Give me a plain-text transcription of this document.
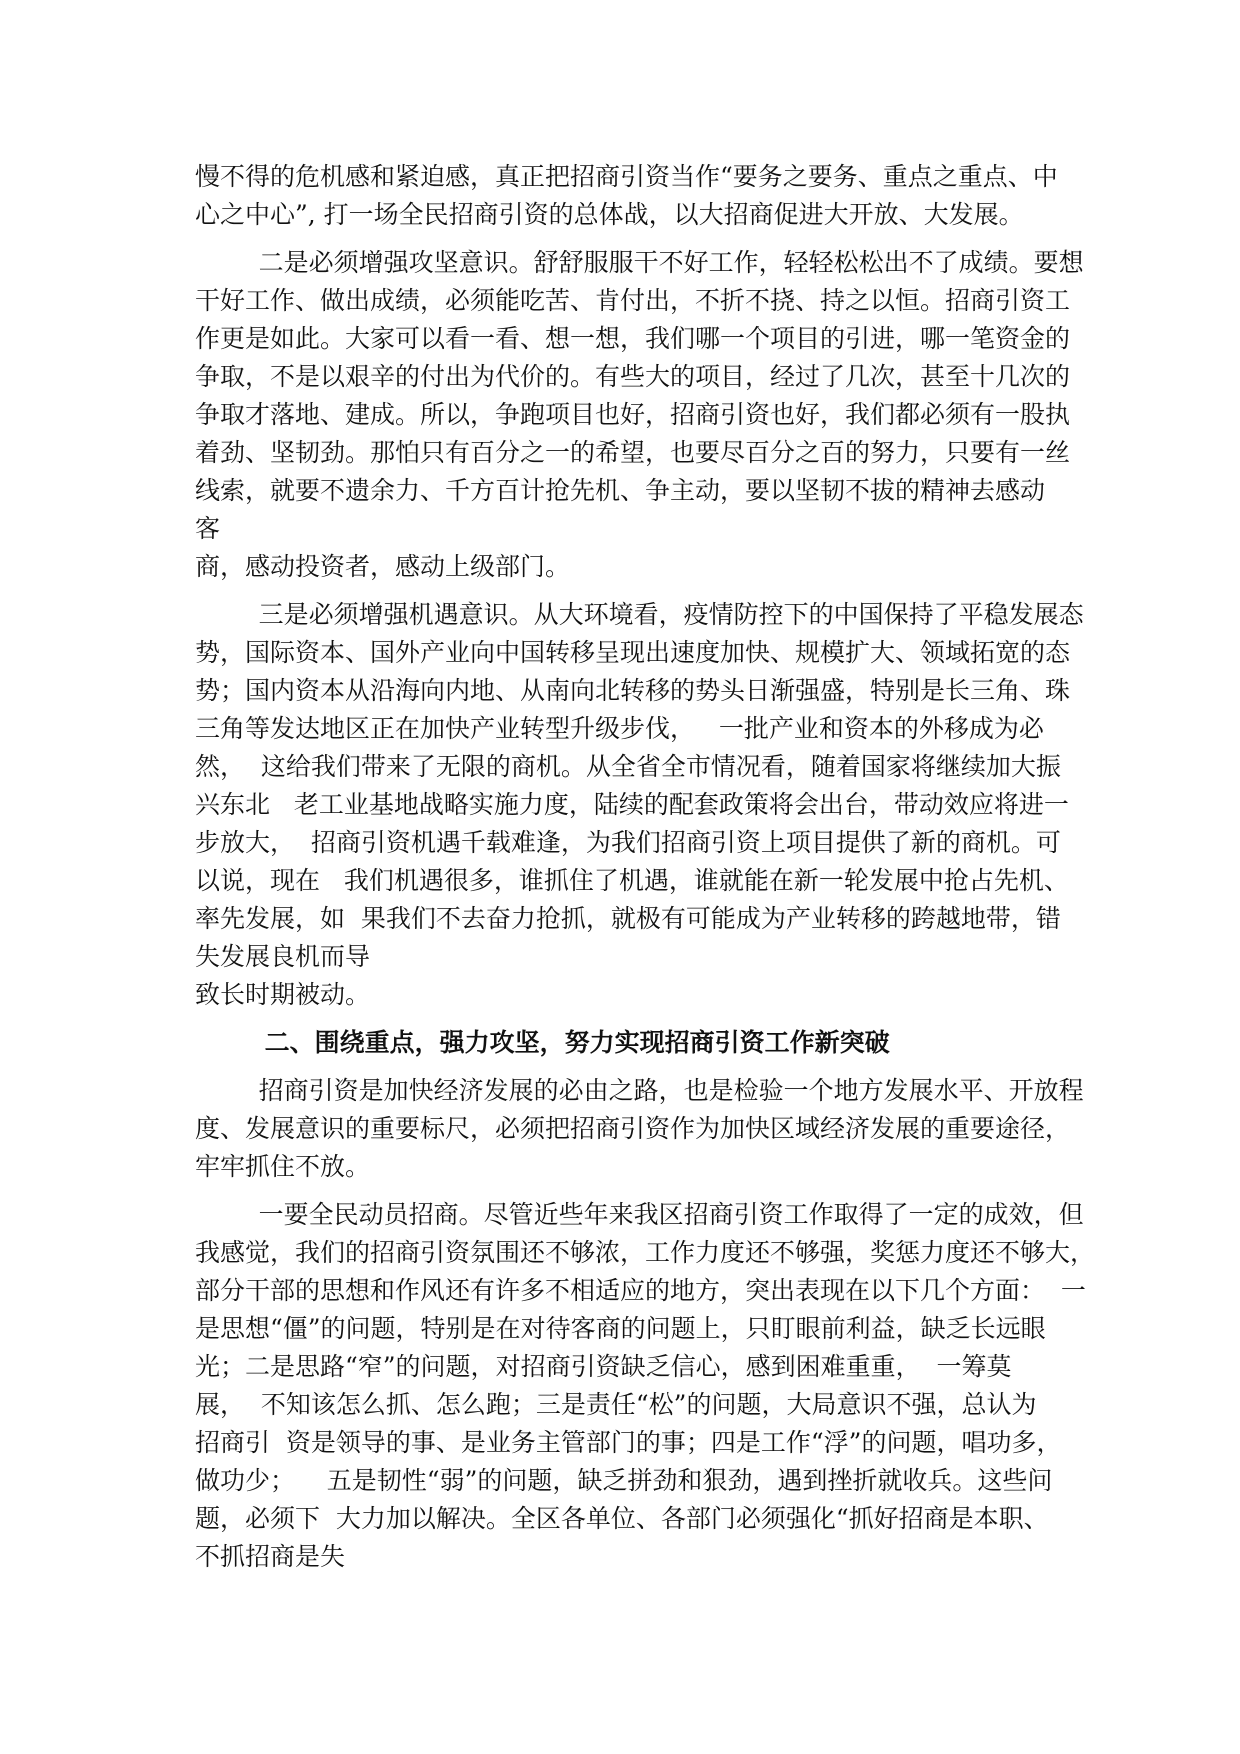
慢不得的危机感和紧迫感，真正把招商引资当作“要务之要务、重点之重点、中
心之中心”, 打一场全民招商引资的总体战，以大招商促进大开放、大发展。
二是必须增强攻坚意识。舒舒服服干不好工作，轻轻松松出不了成绩。要想
干好工作、做出成绩，必须能吃苦、肯付出，不折不挠、持之以恒。招商引资工
作更是如此。大家可以看一看、想一想，我们哪一个项目的引进，哪一笔资金的
争取，不是以艰辛的付出为代价的。有些大的项目，经过了几次，甚至十几次的
争取才落地、建成。所以，争跑项目也好，招商引资也好，我们都必须有一股执
着劲、坚韧劲。那怕只有百分之一的希望，也要尽百分之百的努力，只要有一丝
线索，就要不遗余力、千方百计抢先机、争主动，要以坚韧不拔的精神去感动
客
商，感动投资者，感动上级部门。
三是必须增强机遇意识。从大环境看，疫情防控下的中国保持了平稳发展态
势，国际资本、国外产业向中国转移呈现出速度加快、规模扩大、领域拓宽的态
势；国内资本从沿海向内地、从南向北转移的势头日渐强盛，特别是长三角、珠
三角等发达地区正在加快产业转型升级步伐，   一批产业和资本的外移成为必
然，  这给我们带来了无限的商机。从全省全市情况看，随着国家将继续加大振
兴东北   老工业基地战略实施力度，陆续的配套政策将会出台，带动效应将进一
步放大，  招商引资机遇千载难逢，为我们招商引资上项目提供了新的商机。可
以说，现在   我们机遇很多，谁抓住了机遇，谁就能在新一轮发展中抢占先机、
率先发展，如  果我们不去奋力抢抓，就极有可能成为产业转移的跨越地带，错
失发展良机而导
致长时期被动。
二、围绕重点，强力攻坚，努力实现招商引资工作新突破
招商引资是加快经济发展的必由之路，也是检验一个地方发展水平、开放程
度、发展意识的重要标尺，必须把招商引资作为加快区域经济发展的重要途径，
牢牢抓住不放。
一要全民动员招商。尽管近些年来我区招商引资工作取得了一定的成效，但
我感觉，我们的招商引资氛围还不够浓，工作力度还不够强，奖惩力度还不够大，
部分干部的思想和作风还有许多不相适应的地方，突出表现在以下几个方面：  一
是思想“僵”的问题，特别是在对待客商的问题上，只盯眼前利益，缺乏长远眼
光；二是思路“窄”的问题，对招商引资缺乏信心，感到困难重重，  一筹莫
展，  不知该怎么抓、怎么跑；三是责任“松”的问题，大局意识不强，总认为
招商引  资是领导的事、是业务主管部门的事；四是工作“浮”的问题，唱功多，
做功少；    五是韧性“弱”的问题，缺乏拼劲和狠劲，遇到挫折就收兵。这些问
题，必须下  大力加以解决。全区各单位、各部门必须强化“抓好招商是本职、
不抓招商是失
